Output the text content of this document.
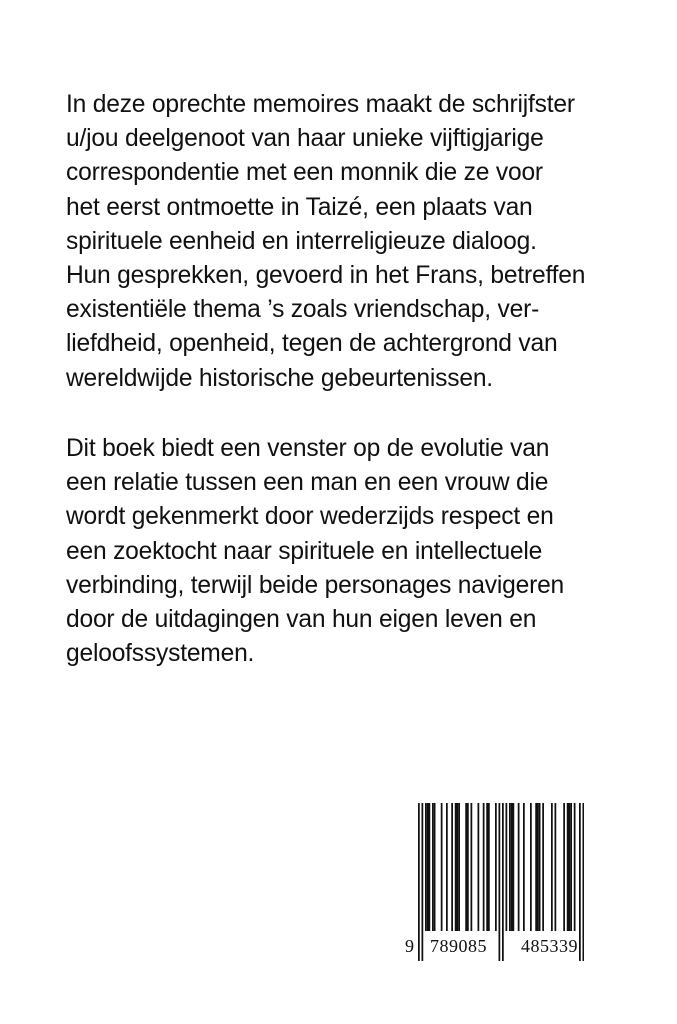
In deze oprechte memoires maakt de schrijfster
u/jou deelgenoot van haar unieke vijftigjarige
correspondentie met een monnik die ze voor
het eerst ontmoette in Taizé, een plaats van
spirituele eenheid en interreligieuze dialoog.
Hun gesprekken, gevoerd in het Frans, betreffen
existentiële thema ’s zoals vriendschap, ver-
liefdheid, openheid, tegen de achtergrond van
wereldwijde historische gebeurtenissen.
Dit boek biedt een venster op de evolutie van
een relatie tussen een man en een vrouw die
wordt gekenmerkt door wederzijds respect en
een zoektocht naar spirituele en intellectuele
verbinding, terwijl beide personages navigeren
door de uitdagingen van hun eigen leven en
geloofssystemen.
9 789085 485339
